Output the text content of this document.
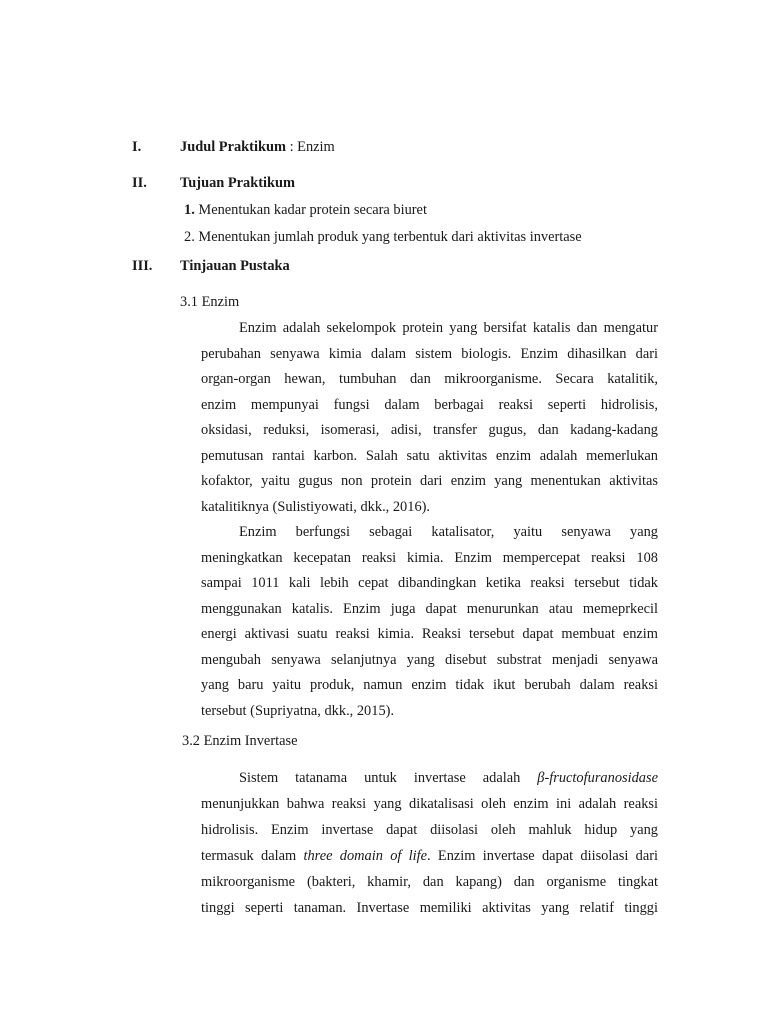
I.	Judul Praktikum : Enzim
II. Tujuan Praktikum
1. Menentukan kadar protein secara biuret
2. Menentukan jumlah produk yang terbentuk dari aktivitas invertase
III. Tinjauan Pustaka
3.1 Enzim
Enzim adalah sekelompok protein yang bersifat katalis dan mengatur
perubahan senyawa kimia dalam sistem biologis. Enzim dihasilkan dari
organ-organ hewan, tumbuhan dan mikroorganisme. Secara katalitik,
enzim mempunyai fungsi dalam berbagai reaksi seperti hidrolisis,
oksidasi, reduksi, isomerasi, adisi, transfer gugus, dan kadang-kadang
pemutusan rantai karbon. Salah satu aktivitas enzim adalah memerlukan
kofaktor, yaitu gugus non protein dari enzim yang menentukan aktivitas
katalitiknya (Sulistiyowati, dkk., 2016).
Enzim berfungsi sebagai katalisator, yaitu senyawa yang
meningkatkan kecepatan reaksi kimia. Enzim mempercepat reaksi 108
sampai 1011 kali lebih cepat dibandingkan ketika reaksi tersebut tidak
menggunakan katalis. Enzim juga dapat menurunkan atau memeprkecil
energi aktivasi suatu reaksi kimia. Reaksi tersebut dapat membuat enzim
mengubah senyawa selanjutnya yang disebut substrat menjadi senyawa
yang baru yaitu produk, namun enzim tidak ikut berubah dalam reaksi
tersebut (Supriyatna, dkk., 2015).
3.2 Enzim Invertase
Sistem tatanama untuk invertase adalah β-fructofuranosidase
menunjukkan bahwa reaksi yang dikatalisasi oleh enzim ini adalah reaksi
hidrolisis. Enzim invertase dapat diisolasi oleh mahluk hidup yang
termasuk dalam three domain of life. Enzim invertase dapat diisolasi dari
mikroorganisme (bakteri, khamir, dan kapang) dan organisme tingkat
tinggi seperti tanaman. Invertase memiliki aktivitas yang relatif tinggi
